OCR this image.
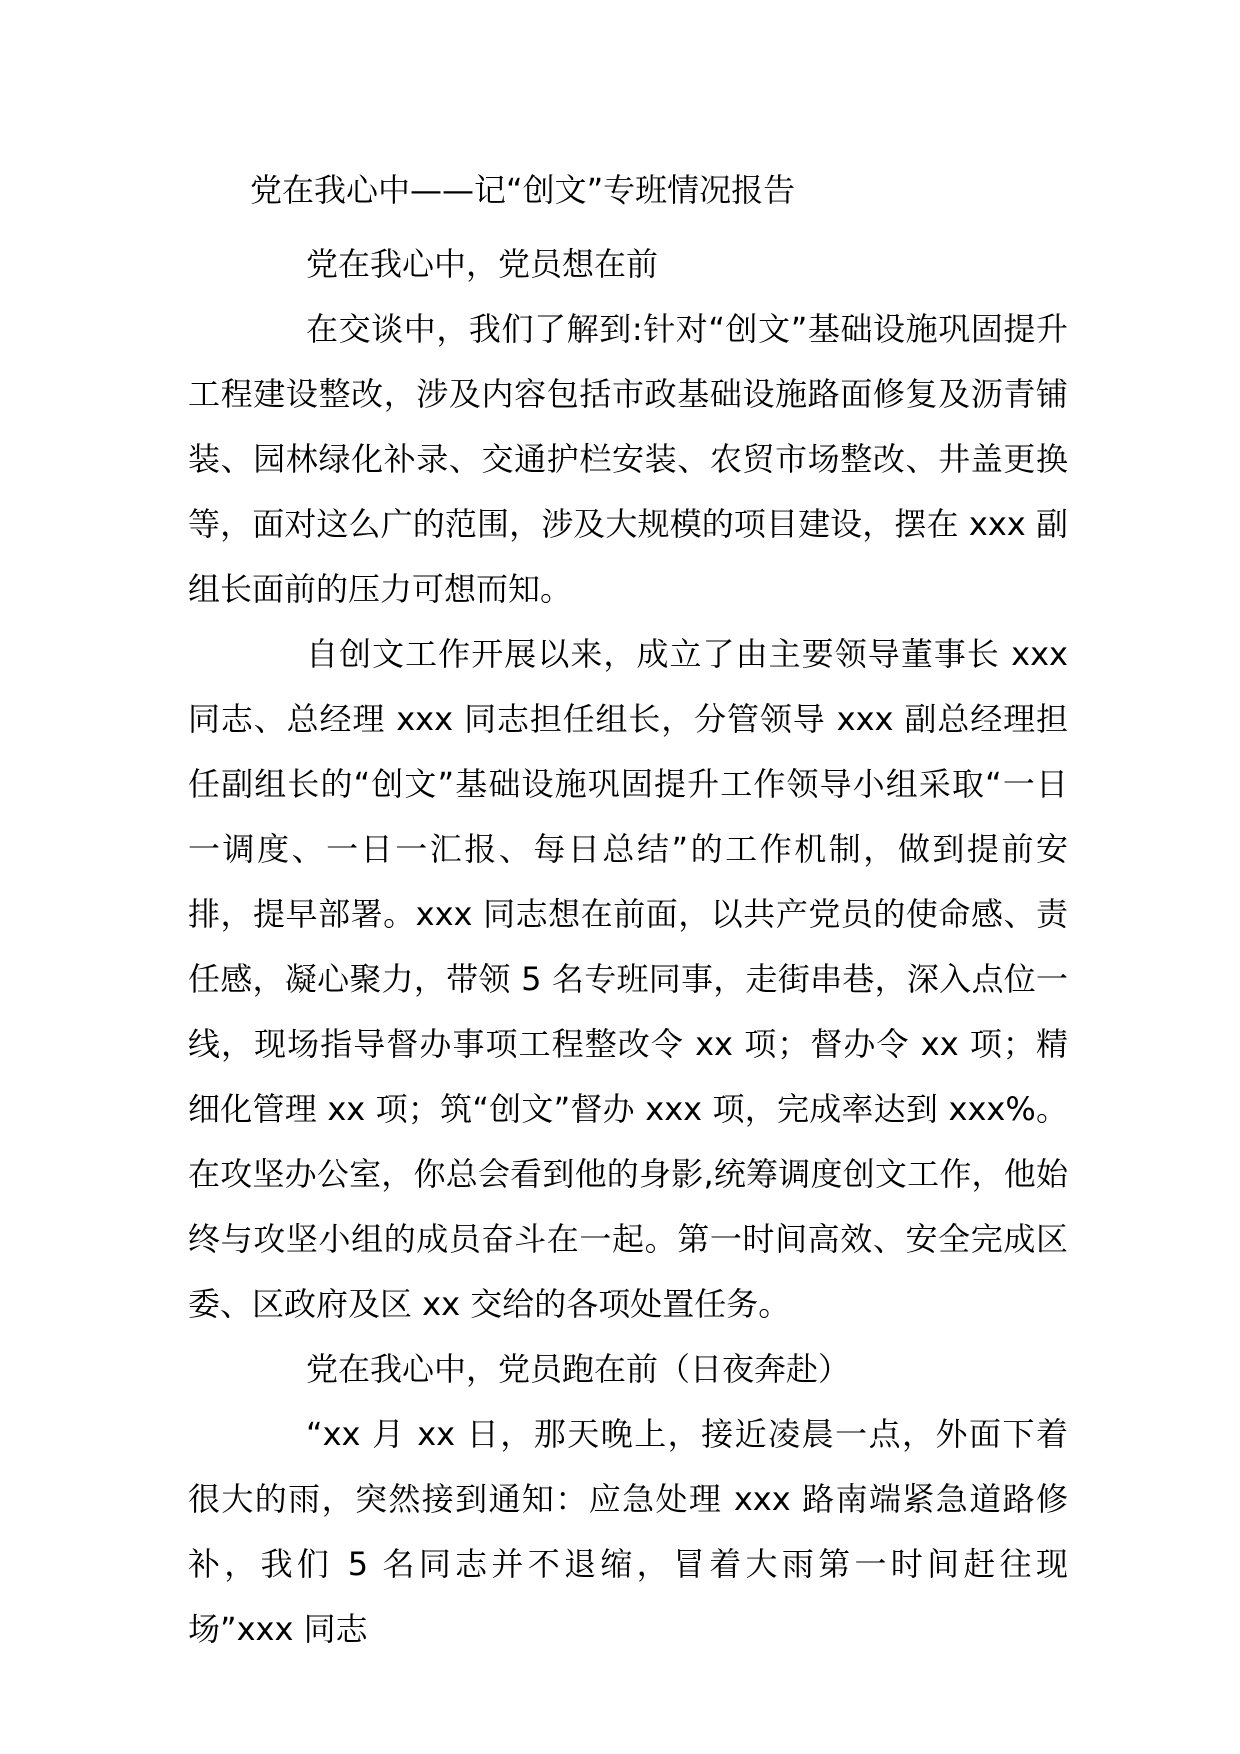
党在我心中——记“创文”专班情况报告

党在我心中，党员想在前

在交谈中，我们了解到:针对“创文”基础设施巩固提升工程建设整改，涉及内容包括市政基础设施路面修复及沥青铺装、园林绿化补录、交通护栏安装、农贸市场整改、井盖更换等，面对这么广的范围，涉及大规模的项目建设，摆在 xxx 副组长面前的压力可想而知。

自创文工作开展以来，成立了由主要领导董事长 xxx 同志、总经理 xxx 同志担任组长，分管领导 xxx 副总经理担任副组长的“创文”基础设施巩固提升工作领导小组采取“一日一调度、一日一汇报、每日总结”的工作机制，做到提前安排，提早部署。xxx 同志想在前面，以共产党员的使命感、责任感，凝心聚力，带领 5 名专班同事，走街串巷，深入点位一线，现场指导督办事项工程整改令 xx 项；督办令 xx 项；精细化管理 xx 项；筑“创文”督办 xxx 项，完成率达到 xxx%。在攻坚办公室，你总会看到他的身影,统筹调度创文工作，他始终与攻坚小组的成员奋斗在一起。第一时间高效、安全完成区委、区政府及区 xx 交给的各项处置任务。

党在我心中，党员跑在前（日夜奔赴）

“xx 月 xx 日，那天晚上，接近凌晨一点，外面下着很大的雨，突然接到通知：应急处理 xxx 路南端紧急道路修补，我们 5 名同志并不退缩，冒着大雨第一时间赶往现场”xxx 同志
